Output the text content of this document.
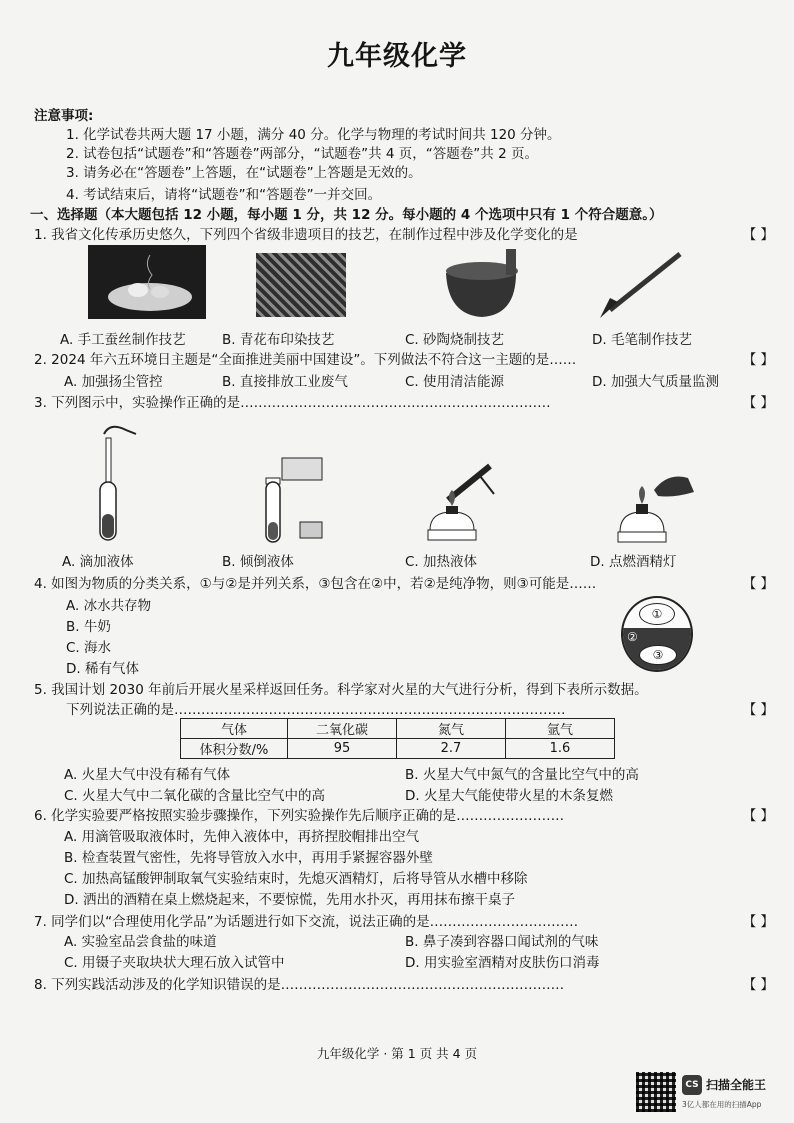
九年级化学
注意事项:
1. 化学试卷共两大题 17 小题，满分 40 分。化学与物理的考试时间共 120 分钟。
2. 试卷包括“试题卷”和“答题卷”两部分，“试题卷”共 4 页，“答题卷”共 2 页。
3. 请务必在“答题卷”上答题，在“试题卷”上答题是无效的。
4. 考试结束后，请将“试题卷”和“答题卷”一并交回。
一、选择题（本大题包括 12 小题，每小题 1 分，共 12 分。每小题的 4 个选项中只有 1 个符合题意。）
1. 我省文化传承历史悠久，下列四个省级非遗项目的技艺，在制作过程中涉及化学变化的是	【 】
A. 手工蚕丝制作技艺	B. 青花布印染技艺	C. 砂陶烧制技艺	D. 毛笔制作技艺
2. 2024 年六五环境日主题是“全面推进美丽中国建设”。下列做法不符合这一主题的是……	【 】
A. 加强扬尘管控	B. 直接排放工业废气	C. 使用清洁能源	D. 加强大气质量监测
3. 下列图示中，实验操作正确的是……………………………………………………………	【 】
A. 滴加液体	B. 倾倒液体	C. 加热液体	D. 点燃酒精灯
4. 如图为物质的分类关系，①与②是并列关系，③包含在②中，若②是纯净物，则③可能是……	【 】
A. 冰水共存物
B. 牛奶
C. 海水
D. 稀有气体
①
②
③
5. 我国计划 2030 年前后开展火星采样返回任务。科学家对火星的大气进行分析，得到下表所示数据。
下列说法正确的是……………………………………………………………………………	【 】
气体	二氧化碳	氮气	氩气
体积分数/%	95	2.7	1.6
A. 火星大气中没有稀有气体	B. 火星大气中氮气的含量比空气中的高
C. 火星大气中二氧化碳的含量比空气中的高	D. 火星大气能使带火星的木条复燃
6. 化学实验要严格按照实验步骤操作，下列实验操作先后顺序正确的是……………………	【 】
A. 用滴管吸取液体时，先伸入液体中，再挤捏胶帽排出空气
B. 检查装置气密性，先将导管放入水中，再用手紧握容器外壁
C. 加热高锰酸钾制取氧气实验结束时，先熄灭酒精灯，后将导管从水槽中移除
D. 洒出的酒精在桌上燃烧起来，不要惊慌，先用水扑灭，再用抹布擦干桌子
7. 同学们以“合理使用化学品”为话题进行如下交流，说法正确的是……………………………	【 】
A. 实验室品尝食盐的味道	B. 鼻子凑到容器口闻试剂的气味
C. 用镊子夹取块状大理石放入试管中	D. 用实验室酒精对皮肤伤口消毒
8. 下列实践活动涉及的化学知识错误的是………………………………………………………	【 】
九年级化学 · 第 1 页 共 4 页
CS 扫描全能王
3亿人都在用的扫描App
